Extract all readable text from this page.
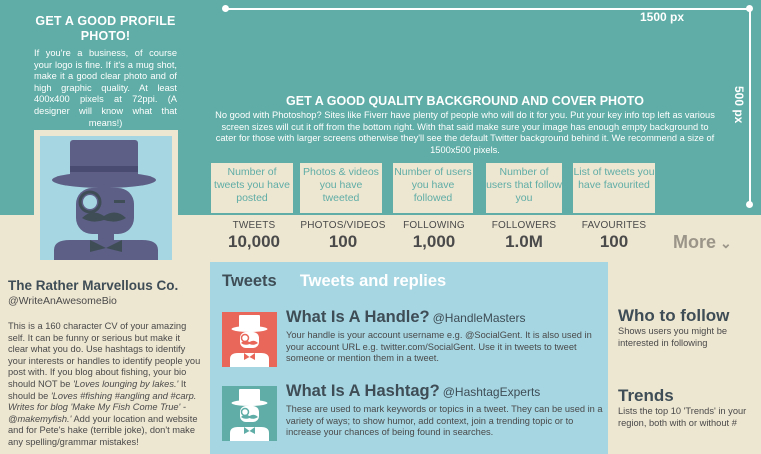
1500 px
500 px
GET A GOOD PROFILE PHOTO!

If you're a business, of course your logo is fine. If it's a mug shot, make it a good clear photo and of high graphic quality. At least 400x400 pixels at 72ppi. (A designer will know what that means!)

GET A GOOD QUALITY BACKGROUND AND COVER PHOTO

No good with Photoshop? Sites like Fiverr have plenty of people who will do it for you. Put your key info top left as various screen sizes will cut it off from the bottom right. With that said make sure your image has enough empty background to cater for those with larger screens otherwise they'll see the default Twitter background behind it. We recommend a size of 1500x500 pixels.

Number of tweets you have posted
Photos & videos you have tweeted
Number of users you have followed
Number of users that follow you
List of tweets you have favourited
TWEETS
10,000
PHOTOS/VIDEOS
100
FOLLOWING
1,000
FOLLOWERS
1.0M
FAVOURITES
100	More ⌄
The Rather Marvellous Co.
@WriteAnAwesomeBio
This is a 160 character CV of your amazing self. It can be funny or serious but make it clear what you do. Use hashtags to identify your interests or handles to identify people you post with. If you blog about fishing, your bio should NOT be 'Loves lounging by lakes.' It should be 'Loves #fishing #angling and #carp. Writes for blog 'Make My Fish Come True' - @makemyfish.' Add your location and website and for Pete's hake (terrible joke), don't make any spelling/grammar mistakes!
Tweets Tweets and replies
What Is A Handle? @HandleMasters
Your handle is your account username e.g. @SocialGent. It is also used in your account URL e.g. twitter.com/SocialGent. Use it in tweets to tweet someone or mention them in a tweet.
What Is A Hashtag? @HashtagExperts
These are used to mark keywords or topics in a tweet. They can be used in a variety of ways; to show humor, add context, join a trending topic or to increase your chances of being found in searches.
Who to follow

Shows users you might be interested in following

Trends

Lists the top 10 'Trends' in your region, both with or without #
